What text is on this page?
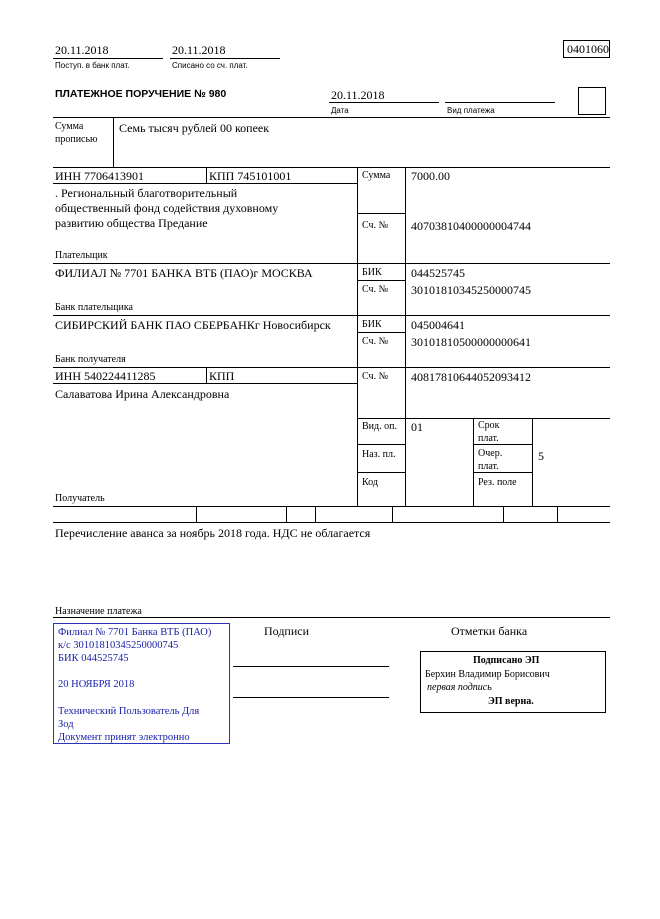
20.11.2018
Поступ. в банк плат.
20.11.2018
Списано со сч. плат.
0401060
ПЛАТЕЖНОЕ ПОРУЧЕНИЕ № 980	20.11.2018
Дата	Вид платежа
Сумма
прописью
Семь тысяч рублей 00 копеек
ИНН 7706413901	КПП 745101001
. Региональный благотворительный
общественный фонд содействия духовному
развитию общества Предание
Плательщик
Сумма 7000.00
Сч. № 40703810400000004744
ФИЛИАЛ № 7701 БАНКА ВТБ (ПАО)г МОСКВА
Банк плательщика
БИК 044525745
Сч. № 30101810345250000745
СИБИРСКИЙ БАНК ПАО СБЕРБАНКг Новосибирск
Банк получателя
БИК 045004641
Сч. № 30101810500000000641
ИНН 540224411285	КПП
Салаватова Ирина Александровна
Получатель
Сч. № 40817810644052093412
Вид. оп. 01	Срок
плат.
Наз. пл.	Очер.
плат.
5
Код	Рез. поле
Перечисление аванса за ноябрь 2018 года. НДС не облагается
Назначение платежа
Филиал № 7701 Банка ВТБ (ПАО)
к/с 30101810345250000745
БИК 044525745
20 НОЯБРЯ 2018
Технический Пользователь Для
Зод
Документ принят электронно
Подписи	Отметки банка
Подписано ЭП
Берхин Владимир Борисович
первая подпись
ЭП верна.
